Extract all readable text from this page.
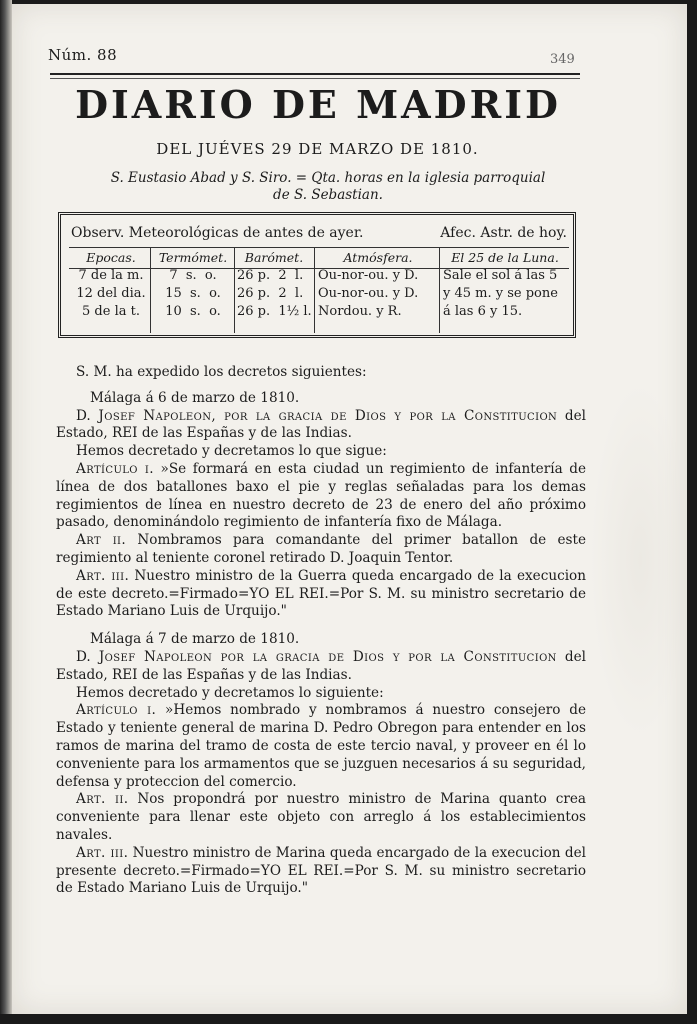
Núm. 88	349
DIARIO DE MADRID
DEL JUÉVES 29 DE MARZO DE 1810.
S. Eustasio Abad y S. Siro. = Qta. horas en la iglesia parroquial
de S. Sebastian.
Observ. Meteorológicas de antes de ayer.	Afec. Astr. de hoy.
Epocas.
7 de la m.
12 del dia.
5 de la t.
Termómet.
7  s.  o.
15  s.  o.
10  s.  o.
Barómet.
26 p.  2  l.
26 p.  2  l.
26 p.  1½ l.
Atmósfera.
Ou-nor-ou. y D.
Ou-nor-ou. y D.
Nordou. y R.
El 25 de la Luna.
Sale el sol á las 5
y 45 m. y se pone
á las 6 y 15.

S. M. ha expedido los decretos siguientes:

Málaga á 6 de marzo de 1810.

D. Josef Napoleon, por la gracia de Dios y por la Constitucion del Estado, REI de las Españas y de las Indias.

Hemos decretado y decretamos lo que sigue:

Artículo i. »Se formará en esta ciudad un regimiento de infantería de línea de dos batallones baxo el pie y reglas señaladas para los demas regimientos de línea en nuestro decreto de 23 de enero del año próximo pasado, denominándolo regimiento de infantería fixo de Málaga.

Art ii. Nombramos para comandante del primer batallon de este regimiento al teniente coronel retirado D. Joaquin Tentor.

Art. iii. Nuestro ministro de la Guerra queda encargado de la execucion de este decreto.=Firmado=YO EL REI.=Por S. M. su ministro secretario de Estado Mariano Luis de Urquijo."

Málaga á 7 de marzo de 1810.

D. Josef Napoleon por la gracia de Dios y por la Constitucion del Estado, REI de las Españas y de las Indias.

Hemos decretado y decretamos lo siguiente:

Artículo i. »Hemos nombrado y nombramos á nuestro consejero de Estado y teniente general de marina D. Pedro Obregon para entender en los ramos de marina del tramo de costa de este tercio naval, y proveer en él lo conveniente para los armamentos que se juzguen necesarios á su seguridad, defensa y proteccion del comercio.

Art. ii. Nos propondrá por nuestro ministro de Marina quanto crea conveniente para llenar este objeto con arreglo á los establecimientos navales.

Art. iii. Nuestro ministro de Marina queda encargado de la execucion del presente decreto.=Firmado=YO EL REI.=Por S. M. su ministro secretario de Estado Mariano Luis de Urquijo."
